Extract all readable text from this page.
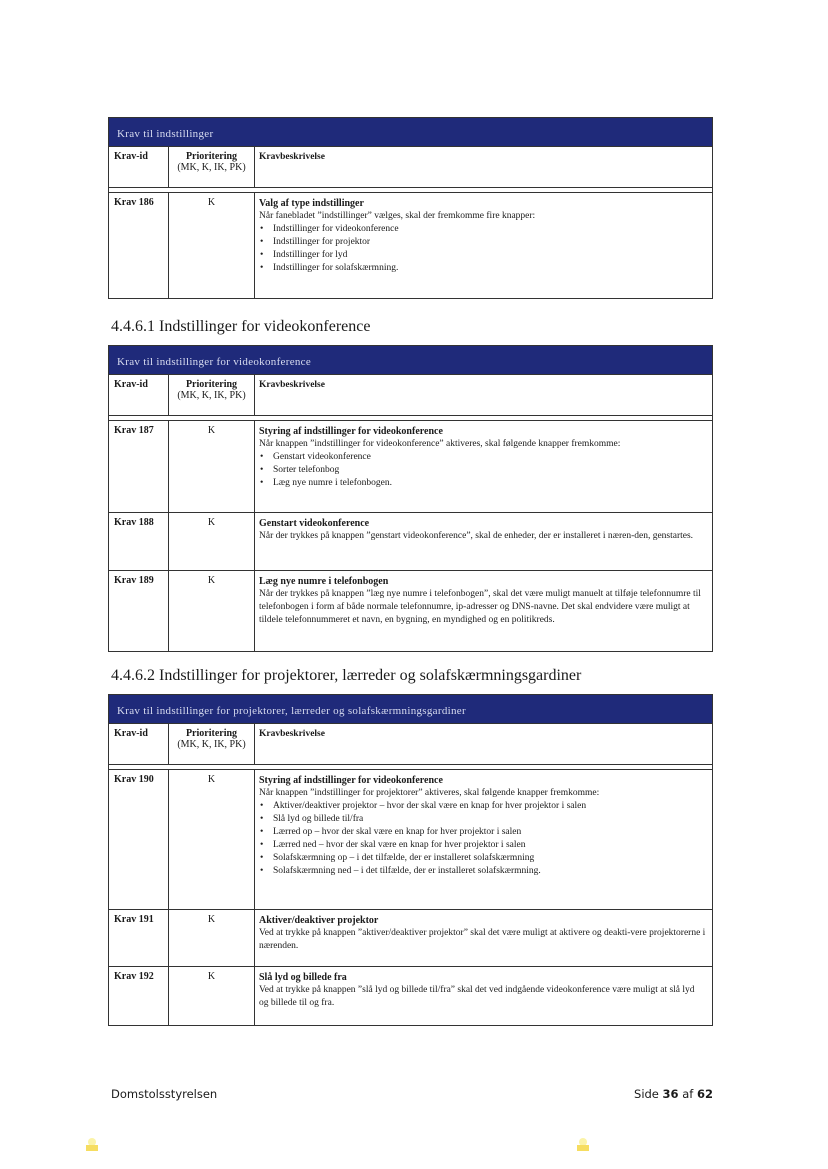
Krav til indstillinger
Krav-id	Prioritering
(MK, K, IK, PK)
Kravbeskrivelse
Krav 186	K	Valg af type indstillinger
Når fanebladet ”indstillinger” vælges, skal der fremkomme fire knapper:
• Indstillinger for videokonference
• Indstillinger for projektor
• Indstillinger for lyd
• Indstillinger for solafskærmning.
4.4.6.1 Indstillinger for videokonference
Krav til indstillinger for videokonference
Krav-id	Prioritering
(MK, K, IK, PK)
Kravbeskrivelse
Krav 187	K	Styring af indstillinger for videokonference
Når knappen ”indstillinger for videokonference” aktiveres, skal følgende knapper fremkomme:
• Genstart videokonference
• Sorter telefonbog
• Læg nye numre i telefonbogen.
Krav 188	K	Genstart videokonference
Når der trykkes på knappen ”genstart videokonference”, skal de enheder, der er installeret i næren-den, genstartes.
Krav 189	K	Læg nye numre i telefonbogen
Når der trykkes på knappen ”læg nye numre i telefonbogen”, skal det være muligt manuelt at tilføje telefonnumre til telefonbogen i form af både normale telefonnumre, ip-adresser og DNS-navne. Det skal endvidere være muligt at tildele telefonnummeret et navn, en bygning, en myndighed og en politikreds.
4.4.6.2 Indstillinger for projektorer, lærreder og solafskærmningsgardiner
Krav til indstillinger for projektorer, lærreder og solafskærmningsgardiner
Krav-id	Prioritering
(MK, K, IK, PK)
Kravbeskrivelse
Krav 190	K	Styring af indstillinger for videokonference
Når knappen ”indstillinger for projektorer” aktiveres, skal følgende knapper fremkomme:
• Aktiver/deaktiver projektor – hvor der skal være en knap for hver projektor i salen
• Slå lyd og billede til/fra
• Lærred op – hvor der skal være en knap for hver projektor i salen
• Lærred ned – hvor der skal være en knap for hver projektor i salen
• Solafskærmning op – i det tilfælde, der er installeret solafskærmning
• Solafskærmning ned – i det tilfælde, der er installeret solafskærmning.
Krav 191	K	Aktiver/deaktiver projektor
Ved at trykke på knappen ”aktiver/deaktiver projektor” skal det være muligt at aktivere og deakti-vere projektorerne i nærenden.
Krav 192	K	Slå lyd og billede fra
Ved at trykke på knappen ”slå lyd og billede til/fra” skal det ved indgående videokonference være muligt at slå lyd og billede til og fra.
Domstolsstyrelsen	Side 36 af 62
